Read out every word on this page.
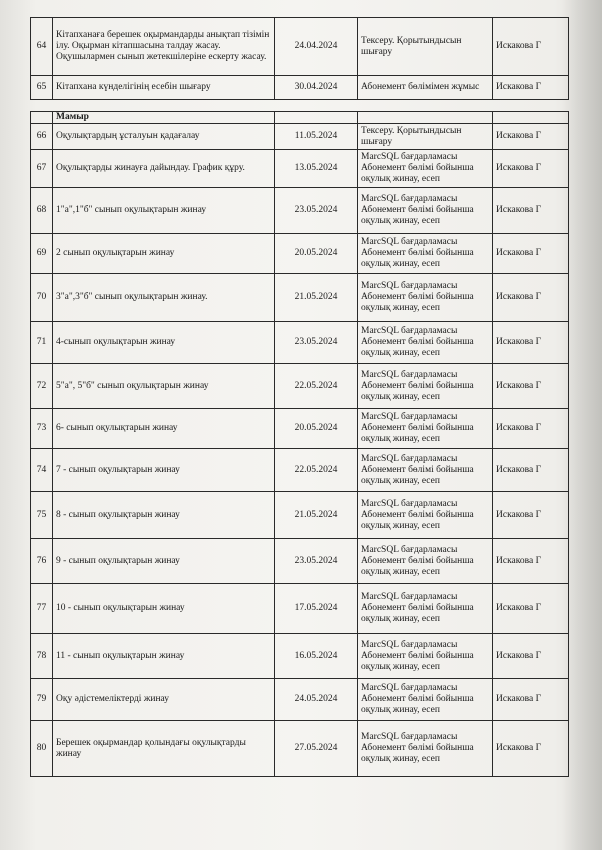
64	Кітапханаға берешек оқырмандарды анықтап тізімін ілу. Оқырман кітапшасына талдау жасау. Оқушылармен сынып жетекшілеріне ескерту жасау.	24.04.2024	Тексеру. Қорытындысын
шығару	Искакова Г
65	Кітапхана күнделігінің есебін шығару	30.04.2024	Абонемент бөлімімен жұмыс	Искакова Г
	Мамыр			
66	Оқулықтардың ұсталуын қадағалау	11.05.2024	Тексеру. Қорытындысын
шығару	Искакова Г
67	Оқулықтарды жинауға дайындау. График құру.	13.05.2024	MarcSQL бағдарламасы
Абонемент бөлімі бойынша
оқулық жинау, есеп	Искакова Г
68	1"а",1"б" сынып оқулықтарын жинау	23.05.2024	MarcSQL бағдарламасы
Абонемент бөлімі бойынша
оқулық жинау, есеп	Искакова Г
69	2 сынып оқулықтарын жинау	20.05.2024	MarcSQL бағдарламасы
Абонемент бөлімі бойынша
оқулық жинау, есеп	Искакова Г
70	3"а",3"б" сынып оқулықтарын жинау.	21.05.2024	MarcSQL бағдарламасы
Абонемент бөлімі бойынша
оқулық жинау, есеп	Искакова Г
71	4-сынып оқулықтарын жинау	23.05.2024	MarcSQL бағдарламасы
Абонемент бөлімі бойынша
оқулық жинау, есеп	Искакова Г
72	5"а", 5"б" сынып оқулықтарын жинау	22.05.2024	MarcSQL бағдарламасы
Абонемент бөлімі бойынша
оқулық жинау, есеп	Искакова Г
73	6- сынып оқулықтарын жинау	20.05.2024	MarcSQL бағдарламасы
Абонемент бөлімі бойынша
оқулық жинау, есеп	Искакова Г
74	7 - сынып оқулықтарын жинау	22.05.2024	MarcSQL бағдарламасы
Абонемент бөлімі бойынша
оқулық жинау, есеп	Искакова Г
75	8 - сынып оқулықтарын жинау	21.05.2024	MarcSQL бағдарламасы
Абонемент бөлімі бойынша
оқулық жинау, есеп	Искакова Г
76	9 - сынып оқулықтарын жинау	23.05.2024	MarcSQL бағдарламасы
Абонемент бөлімі бойынша
оқулық жинау, есеп	Искакова Г
77	10 - сынып оқулықтарын жинау	17.05.2024	MarcSQL бағдарламасы
Абонемент бөлімі бойынша
оқулық жинау, есеп	Искакова Г
78	11 - сынып оқулықтарын жинау	16.05.2024	MarcSQL бағдарламасы
Абонемент бөлімі бойынша
оқулық жинау, есеп	Искакова Г
79	Оқу әдістемеліктерді жинау	24.05.2024	MarcSQL бағдарламасы
Абонемент бөлімі бойынша
оқулық жинау, есеп	Искакова Г
80	Берешек оқырмандар қолындағы оқулықтарды жинау	27.05.2024	MarcSQL бағдарламасы
Абонемент бөлімі бойынша
оқулық жинау, есеп	Искакова Г
